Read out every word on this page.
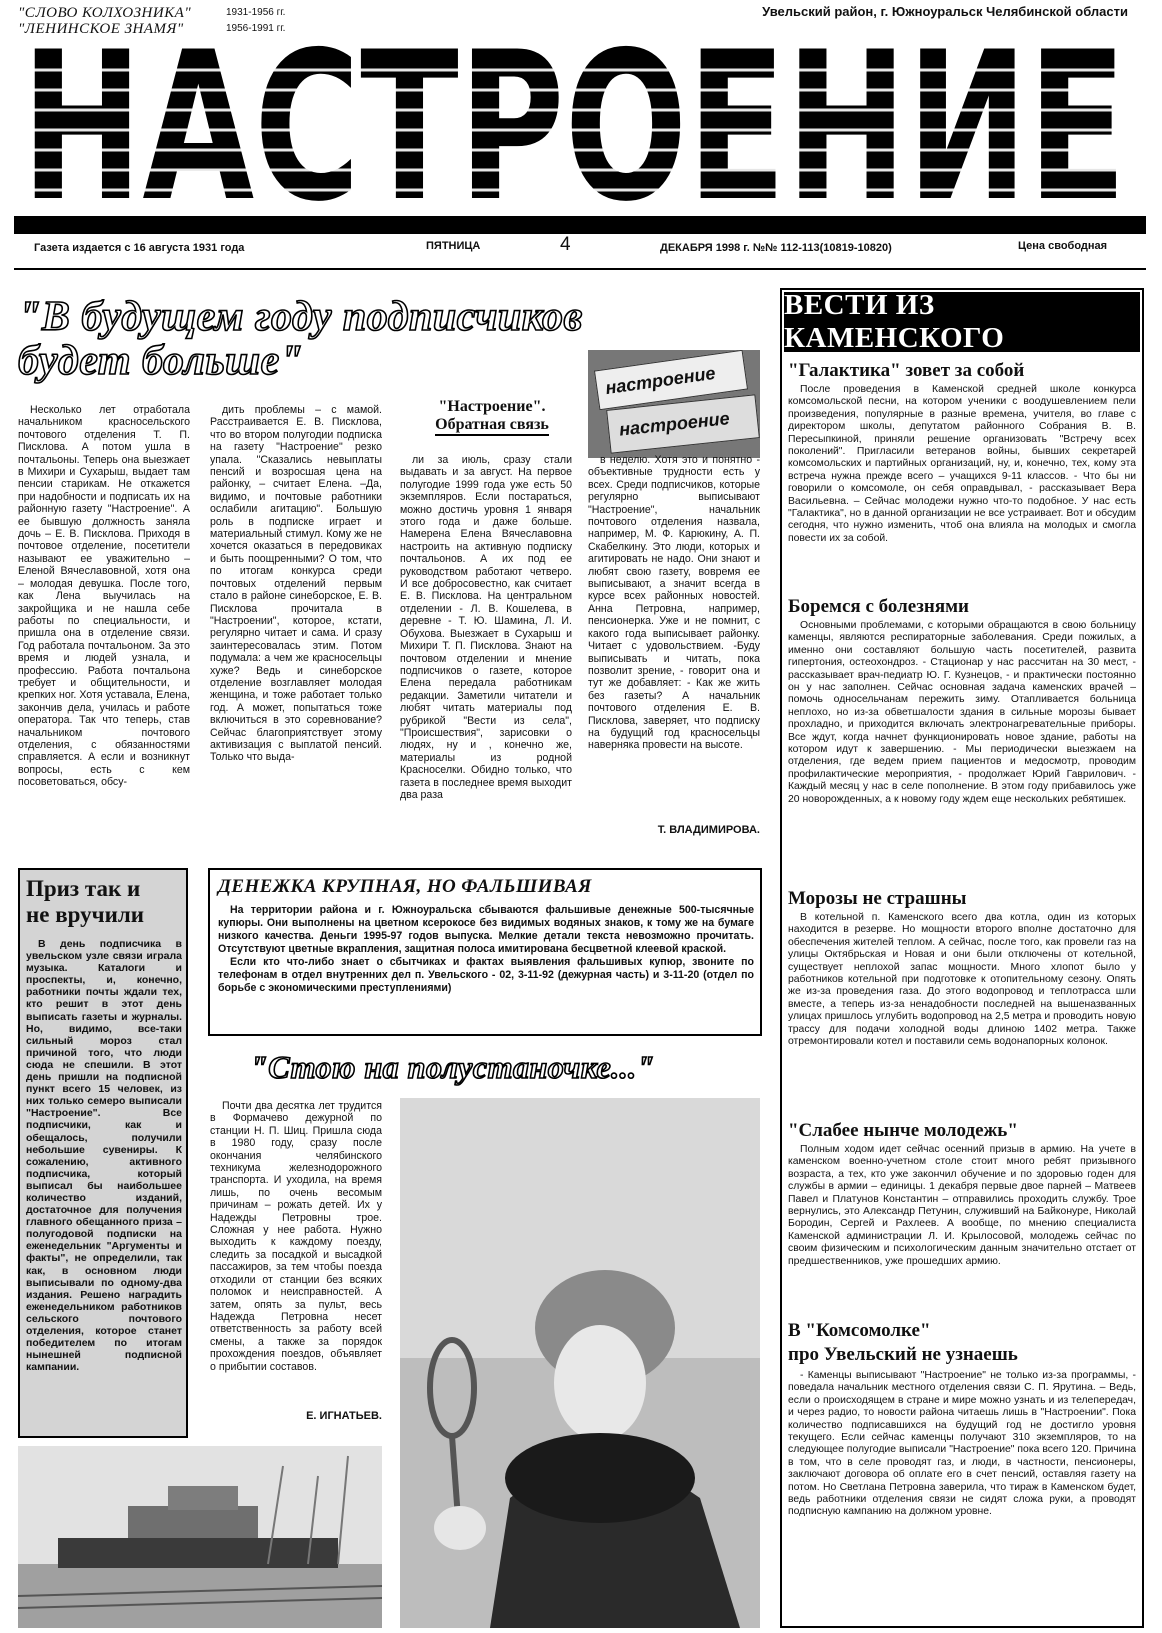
"СЛОВО КОЛХОЗНИКА"	1931-1956 гг.
"ЛЕНИНСКОЕ ЗНАМЯ"	1956-1991 гг.
Увельский район, г. Южноуральск Челябинской области
НАСТРОЕНИЕ
Газета издается с 16 августа 1931 года	ПЯТНИЦА	4	ДЕКАБРЯ 1998 г. №№ 112-113(10819-10820)	Цена свободная
"В будущем году подписчиков
будет больше"
"Настроение".
Обратная связь
настроение
настроение

Несколько лет отработала начальником красносельского почтового отделения Т. П. Писклова. А потом ушла в почтальоны. Теперь она выезжает в Михири и Сухарыш, выдает там пенсии старикам. Не откажется при надобности и подписать их на районную газету "Настроение". А ее бывшую должность заняла дочь – Е. В. Писклова. Приходя в почтовое отделение, посетители называют ее уважительно – Еленой Вячеславовной, хотя она – молодая девушка. После того, как Лена выучилась на закройщика и не нашла себе работы по специальности, и пришла она в отделение связи. Год работала почтальоном. За это время и людей узнала, и профессию. Работа почтальона требует и общительности, и крепких ног. Хотя уставала, Елена, закончив дела, училась и работе оператора. Так что теперь, став начальником почтового отделения, с обязанностями справляется. А если и возникнут вопросы, есть с кем посоветоваться, обсу-

дить проблемы – с мамой. Расстраивается Е. В. Писклова, что во втором полугодии подписка на газету "Настроение" резко упала. "Сказались невыплаты пенсий и возросшая цена на районку, – считает Елена. –Да, видимо, и почтовые работники ослабили агитацию". Большую роль в подписке играет и материальный стимул. Кому же не хочется оказаться в передовиках и быть поощренными? О том, что по итогам конкурса среди почтовых отделений первым стало в районе синеборское, Е. В. Писклова прочитала в "Настроении", которое, кстати, регулярно читает и сама. И сразу заинтересовалась этим. Потом подумала: а чем же красносельцы хуже? Ведь и синеборское отделение возглавляет молодая женщина, и тоже работает только год. А может, попытаться тоже включиться в это соревнование? Сейчас благоприятствует этому активизация с выплатой пенсий. Только что выда-

ли за июль, сразу стали выдавать и за август. На первое полугодие 1999 года уже есть 50 экземпляров. Если постараться, можно достичь уровня 1 января этого года и даже больше. Намерена Елена Вячеславовна настроить на активную подписку почтальонов. А их под ее руководством работают четверо. И все добросовестно, как считает Е. В. Писклова. На центральном отделении - Л. В. Кошелева, в деревне - Т. Ю. Шамина, Л. И. Обухова. Выезжает в Сухарыш и Михири Т. П. Писклова. Знают на почтовом отделении и мнение подписчиков о газете, которое Елена передала работникам редакции. Заметили читатели и любят читать материалы под рубрикой "Вести из села", "Происшествия", зарисовки о людях, ну и , конечно же, материалы из родной Красноселки. Обидно только, что газета в последнее время выходит два раза

в неделю. Хотя это и понятно - объективные трудности есть у всех. Среди подписчиков, которые регулярно выписывают "Настроение", начальник почтового отделения назвала, например, М. Ф. Карюкину, А. П. Скабелкину. Это люди, которых и агитировать не надо. Они знают и любят свою газету, вовремя ее выписывают, а значит всегда в курсе всех районных новостей. Анна Петровна, например, пенсионерка. Уже и не помнит, с какого года выписывает районку. Читает с удовольствием. -Буду выписывать и читать, пока позволит зрение, - говорит она и тут же добавляет: - Как же жить без газеты? А начальник почтового отделения Е. В. Писклова, заверяет, что подписку на будущий год красносельцы наверняка провести на высоте.

Т. ВЛАДИМИРОВА.
ВЕСТИ ИЗ КАМЕНСКОГО
"Галактика" зовет за собой

После проведения в Каменской средней школе конкурса комсомольской песни, на котором ученики с воодушевлением пели произведения, популярные в разные времена, учителя, во главе с директором школы, депутатом районного Собрания В. В. Пересыпкиной, приняли решение организовать "Встречу всех поколений". Пригласили ветеранов войны, бывших секретарей комсомольских и партийных организаций, ну, и, конечно, тех, кому эта встреча нужна прежде всего – учащихся 9-11 классов. - Что бы ни говорили о комсомоле, он себя оправдывал, - рассказывает Вера Васильевна. – Сейчас молодежи нужно что-то подобное. У нас есть "Галактика", но в данной организации не все устраивает. Вот и обсудим сегодня, что нужно изменить, чтоб она влияла на молодых и смогла повести их за собой.

Боремся с болезнями

Основными проблемами, с которыми обращаются в свою больницу каменцы, являются респираторные заболевания. Среди пожилых, а именно они составляют большую часть посетителей, развита гипертония, остеохондроз. - Стационар у нас рассчитан на 30 мест, - рассказывает врач-педиатр Ю. Г. Кузнецов, - и практически постоянно он у нас заполнен. Сейчас основная задача каменских врачей – помочь односельчанам пережить зиму. Отапливается больница неплохо, но из-за обветшалости здания в сильные морозы бывает прохладно, и приходится включать электронагревательные приборы. Все ждут, когда начнет функционировать новое здание, работы на котором идут к завершению. - Мы периодически выезжаем на отделения, где ведем прием пациентов и медосмотр, проводим профилактические мероприятия, - продолжает Юрий Гаврилович. - Каждый месяц у нас в селе пополнение. В этом году прибавилось уже 20 новорожденных, а к новому году ждем еще нескольких ребятишек.

Морозы не страшны

В котельной п. Каменского всего два котла, один из которых находится в резерве. Но мощности второго вполне достаточно для обеспечения жителей теплом. А сейчас, после того, как провели газ на улицы Октябрьская и Новая и они были отключены от котельной, существует неплохой запас мощности. Много хлопот было у работников котельной при подготовке к отопительному сезону. Опять же из-за проведения газа. До этого водопровод и теплотрасса шли вместе, а теперь из-за ненадобности последней на вышеназванных улицах пришлось углубить водопровод на 2,5 метра и проводить новую трассу для подачи холодной воды длиною 1402 метра. Также отремонтировали котел и поставили семь водонапорных колонок.

"Слабее нынче молодежь"

Полным ходом идет сейчас осенний призыв в армию. На учете в каменском военно-учетном столе стоит много ребят призывного возраста, а тех, кто уже закончил обучение и по здоровью годен для службы в армии – единицы. 1 декабря первые двое парней – Матвеев Павел и Платунов Константин – отправились проходить службу. Трое вернулись, это Александр Петунин, служивший на Байконуре, Николай Бородин, Сергей и Рахлеев. А вообще, по мнению специалиста Каменской администрации Л. И. Крылосовой, молодежь сейчас по своим физическим и психологическим данным значительно отстает от предшественников, уже прошедших армию.

В "Комсомолке"
про Увельский не узнаешь

- Каменцы выписывают "Настроение" не только из-за программы, - поведала начальник местного отделения связи С. П. Ярутина. – Ведь, если о происходящем в стране и мире можно узнать и из телепередач, и через радио, то новости района читаешь лишь в "Настроении". Пока количество подписавшихся на будущий год не достигло уровня текущего. Если сейчас каменцы получают 310 экземпляров, то на следующее полугодие выписали "Настроение" пока всего 120. Причина в том, что в селе проводят газ, и люди, в частности, пенсионеры, заключают договора об оплате его в счет пенсий, оставляя газету на потом. Но Светлана Петровна заверила, что тираж в Каменском будет, ведь работники отделения связи не сидят сложа руки, а проводят подписную кампанию на должном уровне.

Приз так и
не вручили

В день подписчика в увельском узле связи играла музыка. Каталоги и проспекты, и, конечно, работники почты ждали тех, кто решит в этот день выписать газеты и журналы. Но, видимо, все-таки сильный мороз стал причиной того, что люди сюда не спешили. В этот день пришли на подписной пункт всего 15 человек, из них только семеро выписали "Настроение". Все подписчики, как и обещалось, получили небольшие сувениры. К сожалению, активного подписчика, который выписал бы наибольшее количество изданий, достаточное для получения главного обещанного приза – полугодовой подписки на еженедельник "Аргументы и факты", не определили, так как, в основном люди выписывали по одному-два издания. Решено наградить еженедельником работников сельского почтового отделения, которое станет победителем по итогам нынешней подписной кампании.

ДЕНЕЖКА КРУПНАЯ, НО ФАЛЬШИВАЯ

На территории района и г. Южноуральска сбываются фальшивые денежные 500-тысячные купюры. Они выполнены на цветном ксерокосе без видимых водяных знаков, к тому же на бумаге низкого качества. Деньги 1995-97 годов выпуска. Мелкие детали текста невозможно прочитать. Отсутствуют цветные вкрапления, защитная полоса имитирована бесцветной клеевой краской.

Если кто что-либо знает о сбытчиках и фактах выявления фальшивых купюр, звоните по телефонам в отдел внутренних дел п. Увельского - 02, 3-11-92 (дежурная часть) и 3-11-20 (отдел по борьбе с экономическими преступлениями)

"Стою на полустаночке..."

Почти два десятка лет трудится в Формачево дежурной по станции Н. П. Шиц. Пришла сюда в 1980 году, сразу после окончания челябинского техникума железнодорожного транспорта. И уходила, на время лишь, по очень весомым причинам – рожать детей. Их у Надежды Петровны трое. Сложная у нее работа. Нужно выходить к каждому поезду, следить за посадкой и высадкой пассажиров, за тем чтобы поезда отходили от станции без всяких поломок и неисправностей. А затем, опять за пульт, весь Надежда Петровна несет ответственность за работу всей смены, а также за порядок прохождения поездов, объявляет о прибытии составов.

Е. ИГНАТЬЕВ.
